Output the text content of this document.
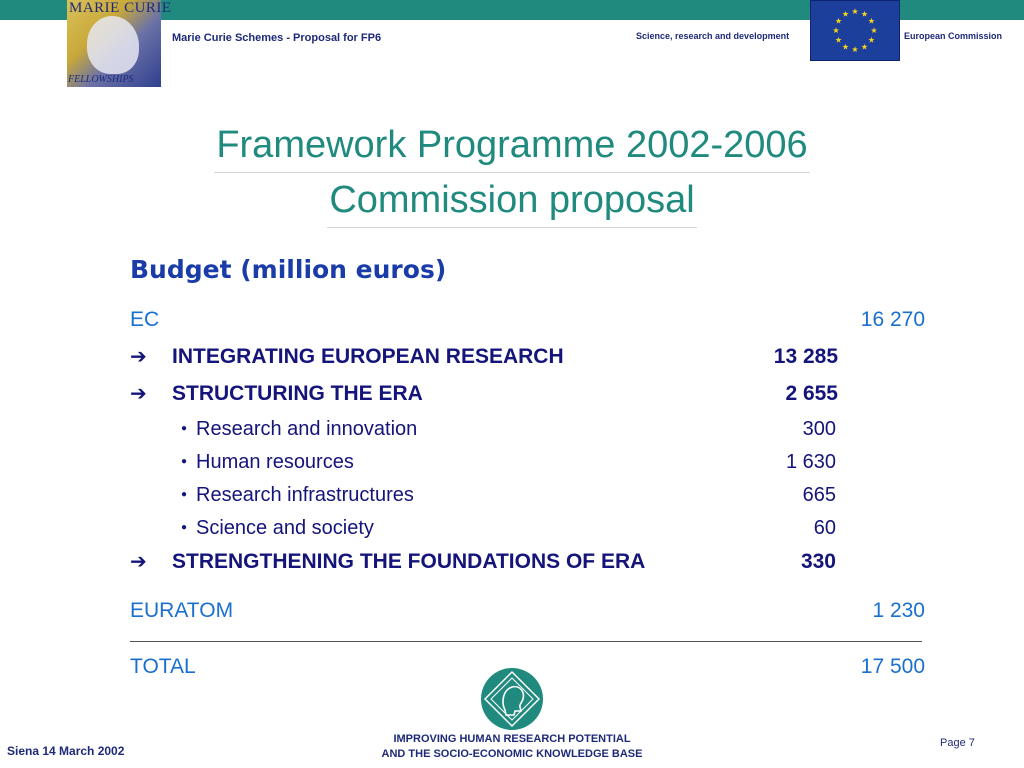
MARIE CURIE
FELLOWSHIPS
Marie Curie Schemes - Proposal for FP6	Science, research and development	European Commission
Framework Programme 2002-2006
Commission proposal
Budget (million euros)
EC	16 270
➔ INTEGRATING EUROPEAN RESEARCH	13 285
➔ STRUCTURING THE ERA	2 655
● Research and innovation	300
● Human resources	1 630
● Research infrastructures	665
● Science and society	60
➔ STRENGTHENING THE FOUNDATIONS OF ERA	330
EURATOM	1 230
TOTAL	17 500
Siena 14 March 2002
IMPROVING HUMAN RESEARCH POTENTIAL
AND THE SOCIO-ECONOMIC KNOWLEDGE BASE
Page 7
